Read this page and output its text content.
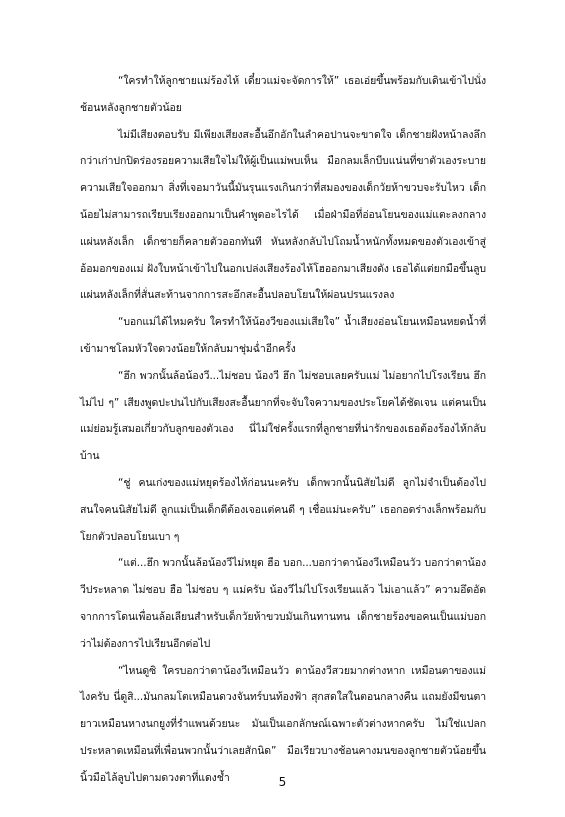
“ใครทำให้ลูกชายแม่ร้องไห้ เดี๋ยวแม่จะจัดการให้” เธอเอ่ยขึ้นพร้อมกับเดินเข้าไปนั่งช้อนหลังลูกชายตัวน้อย

ไม่มีเสียงตอบรับ มีเพียงเสียงสะอื้นอึกอักในลำคอปานจะขาดใจ เด็กชายฝังหน้าลงลึกกว่าเก่าปกปิดร่องรอยความเสียใจไม่ให้ผู้เป็นแม่พบเห็น มือกลมเล็กบีบแน่นที่ขาตัวเองระบายความเสียใจออกมา สิ่งที่เจอมาวันนี้มันรุนแรงเกินกว่าที่สมองของเด็กวัยห้าขวบจะรับไหว เด็กน้อยไม่สามารถเรียบเรียงออกมาเป็นคำพูดอะไรได้ เมื่อฝ่ามือที่อ่อนโยนของแม่แตะลงกลางแผ่นหลังเล็ก เด็กชายก็คลายตัวออกทันที หันหลังกลับไปโถมน้ำหนักทั้งหมดของตัวเองเข้าสู่อ้อมอกของแม่ ฝังใบหน้าเข้าไปในอกเปล่งเสียงร้องไห้โฮออกมาเสียงดัง เธอได้แต่ยกมือขึ้นลูบแผ่นหลังเล็กที่สั่นสะท้านจากการสะอึกสะอื้นปลอบโยนให้ผ่อนปรนแรงลง

“บอกแม่ได้ไหมครับ ใครทำให้น้องวีของแม่เสียใจ” น้ำเสียงอ่อนโยนเหมือนหยดน้ำที่เข้ามาชโลมหัวใจดวงน้อยให้กลับมาชุ่มฉ่ำอีกครั้ง

“ฮึก พวกนั้นล้อน้องวี...ไม่ชอบ น้องวี ฮึก ไม่ชอบเลยครับแม่ ไม่อยากไปโรงเรียน ฮึก ไม่ไป ๆ” เสียงพูดปะปนไปกับเสียงสะอื้นยากที่จะจับใจความของประโยคได้ชัดเจน แต่คนเป็นแม่ย่อมรู้เสมอเกี่ยวกับลูกของตัวเอง นี่ไม่ใช่ครั้งแรกที่ลูกชายที่น่ารักของเธอต้องร้องไห้กลับบ้าน

“ชู่ คนเก่งของแม่หยุดร้องไห้ก่อนนะครับ เด็กพวกนั้นนิสัยไม่ดี ลูกไม่จำเป็นต้องไปสนใจคนนิสัยไม่ดี ลูกแม่เป็นเด็กดีต้องเจอแต่คนดี ๆ เชื่อแม่นะครับ” เธอกอดร่างเล็กพร้อมกับโยกตัวปลอบโยนเบา ๆ

“แต่...ฮึก พวกนั้นล้อน้องวีไม่หยุด ฮือ บอก...บอกว่าตาน้องวีเหมือนวัว บอกว่าตาน้องวีประหลาด ไม่ชอบ ฮือ ไม่ชอบ ๆ แม่ครับ น้องวีไม่ไปโรงเรียนแล้ว ไม่เอาแล้ว” ความอึดอัดจากการโดนเพื่อนล้อเลียนสำหรับเด็กวัยห้าขวบมันเกินทานทน เด็กชายร้องขอคนเป็นแม่บอกว่าไม่ต้องการไปเรียนอีกต่อไป

“ไหนดูซิ ใครบอกว่าตาน้องวีเหมือนวัว ตาน้องวีสวยมากต่างหาก เหมือนตาของแม่ไงครับ นี่ดูสิ...มันกลมโตเหมือนดวงจันทร์บนท้องฟ้า สุกสดใสในตอนกลางคืน แถมยังมีขนตายาวเหมือนหางนกยูงที่รำแพนด้วยนะ มันเป็นเอกลักษณ์เฉพาะตัวต่างหากครับ ไม่ใช่แปลกประหลาดเหมือนที่เพื่อนพวกนั้นว่าเลยสักนิด” มือเรียวบางช้อนคางมนของลูกชายตัวน้อยขึ้น นิ้วมือไล้ลูบไปตามดวงตาที่แดงช้ำ	5
